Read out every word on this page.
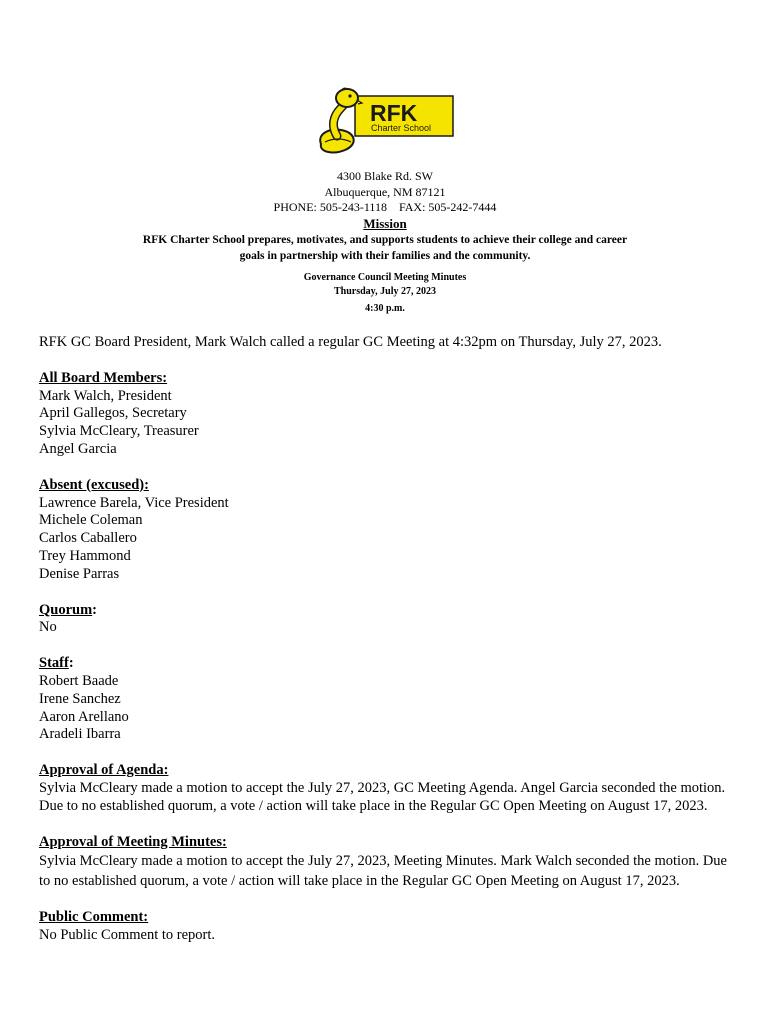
RFK
Charter School
4300 Blake Rd. SW
Albuquerque, NM 87121
PHONE: 505-243-1118    FAX: 505-242-7444
Mission
RFK Charter School prepares, motivates, and supports students to achieve their college and career
goals in partnership with their families and the community.
Governance Council Meeting Minutes
Thursday, July 27, 2023
4:30 p.m.

RFK GC Board President, Mark Walch called a regular GC Meeting at 4:32pm on Thursday, July 27, 2023.

All Board Members:

Mark Walch, President

April Gallegos, Secretary

Sylvia McCleary, Treasurer

Angel Garcia

Absent (excused):

Lawrence Barela, Vice President

Michele Coleman

Carlos Caballero

Trey Hammond

Denise Parras

Quorum:

No

Staff:

Robert Baade

Irene Sanchez

Aaron Arellano

Aradeli Ibarra

Approval of Agenda:

Sylvia McCleary made a motion to accept the July 27, 2023, GC Meeting Agenda. Angel Garcia seconded the motion. Due to no established quorum, a vote / action will take place in the Regular GC Open Meeting on August 17, 2023.

Approval of Meeting Minutes:

Sylvia McCleary made a motion to accept the July 27, 2023, Meeting Minutes. Mark Walch seconded the motion. Due to no established quorum, a vote / action will take place in the Regular GC Open Meeting on August 17, 2023.

Public Comment:

No Public Comment to report.
